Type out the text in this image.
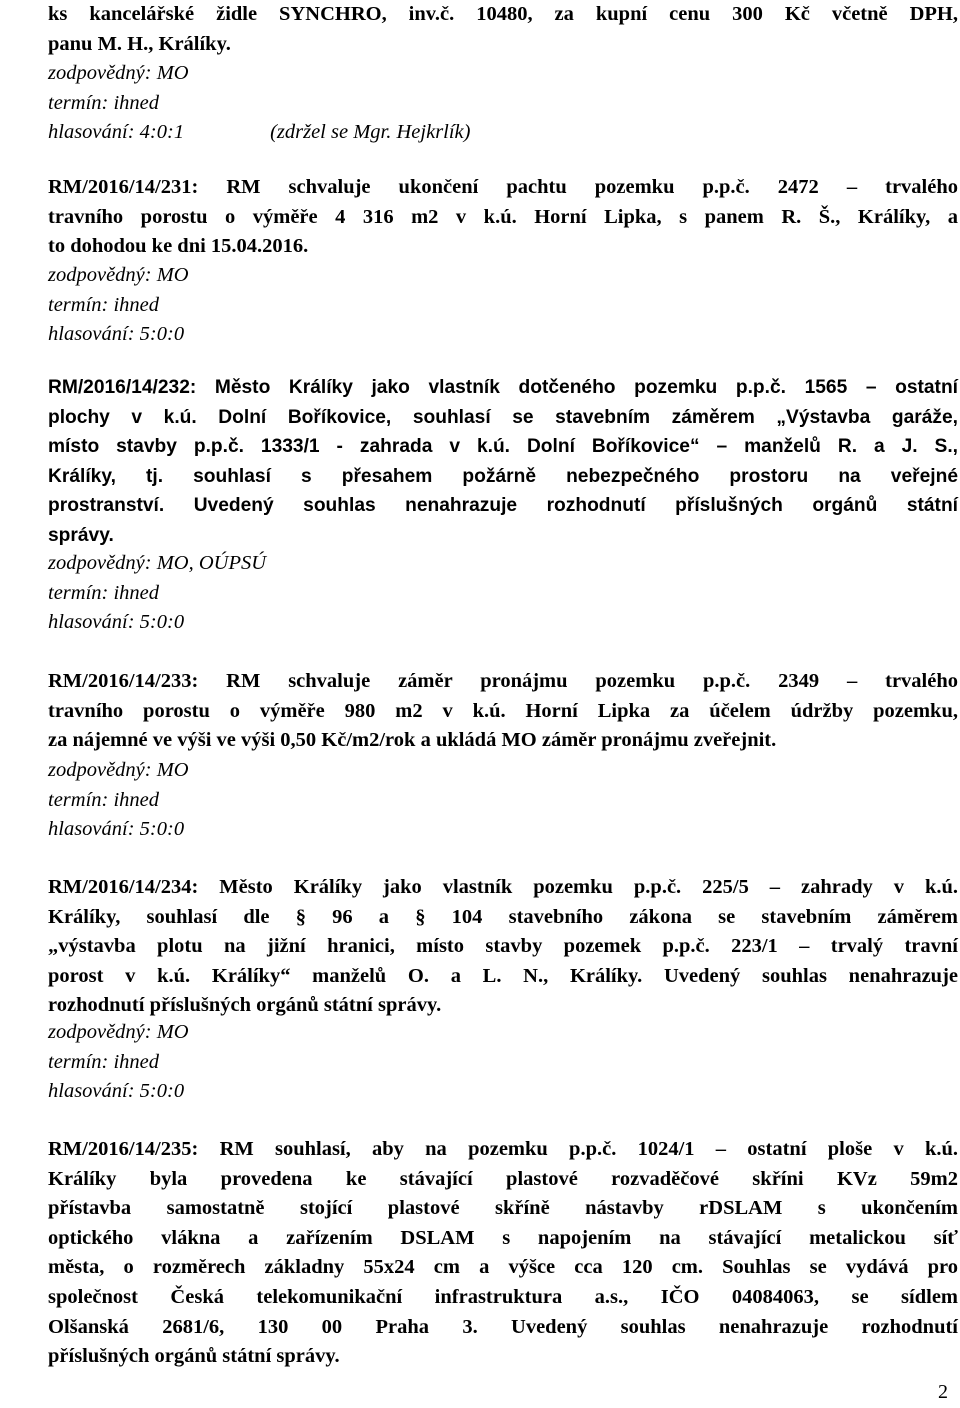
ks kancelářské židle SYNCHRO, inv.č. 10480, za kupní cenu 300 Kč včetně DPH,
panu M. H., Králíky.
zodpovědný: MO
termín: ihned
hlasování: 4:0:1	(zdržel se Mgr. Hejkrlík)
RM/2016/14/231: RM schvaluje ukončení pachtu pozemku p.p.č. 2472 – trvalého
travního porostu o výměře 4 316 m2 v k.ú. Horní Lipka, s panem R. Š., Králíky, a
to dohodou ke dni 15.04.2016.
zodpovědný: MO
termín: ihned
hlasování: 5:0:0
RM/2016/14/232: Město Králíky jako vlastník dotčeného pozemku p.p.č. 1565 – ostatní
plochy v k.ú. Dolní Boříkovice, souhlasí se stavebním záměrem „Výstavba garáže,
místo stavby p.p.č. 1333/1 - zahrada v k.ú. Dolní Boříkovice“ – manželů R. a J. S.,
Králíky, tj. souhlasí s přesahem požárně nebezpečného prostoru na veřejné
prostranství. Uvedený souhlas nenahrazuje rozhodnutí příslušných orgánů státní
správy.
zodpovědný: MO, OÚPSÚ
termín: ihned
hlasování: 5:0:0
RM/2016/14/233: RM schvaluje záměr pronájmu pozemku p.p.č. 2349 – trvalého
travního porostu o výměře 980 m2 v k.ú. Horní Lipka za účelem údržby pozemku,
za nájemné ve výši ve výši 0,50 Kč/m2/rok a ukládá MO záměr pronájmu zveřejnit.
zodpovědný: MO
termín: ihned
hlasování: 5:0:0
RM/2016/14/234: Město Králíky jako vlastník pozemku p.p.č. 225/5 – zahrady v k.ú.
Králíky, souhlasí dle § 96 a § 104 stavebního zákona se stavebním záměrem
„výstavba plotu na jižní hranici, místo stavby pozemek p.p.č. 223/1 – trvalý travní
porost v k.ú. Králíky“ manželů O. a L. N., Králíky. Uvedený souhlas nenahrazuje
rozhodnutí příslušných orgánů státní správy.
zodpovědný: MO
termín: ihned
hlasování: 5:0:0
RM/2016/14/235: RM souhlasí, aby na pozemku p.p.č. 1024/1 – ostatní ploše v k.ú.
Králíky byla provedena ke stávající plastové rozvaděčové skříni KVz 59m2
přístavba samostatně stojící plastové skříně nástavby rDSLAM s ukončením
optického vlákna a zařízením DSLAM s napojením na stávající metalickou síť
města, o rozměrech základny 55x24 cm a výšce cca 120 cm. Souhlas se vydává pro
společnost Česká telekomunikační infrastruktura a.s., IČO 04084063, se sídlem
Olšanská 2681/6, 130 00 Praha 3. Uvedený souhlas nenahrazuje rozhodnutí
příslušných orgánů státní správy.
2
